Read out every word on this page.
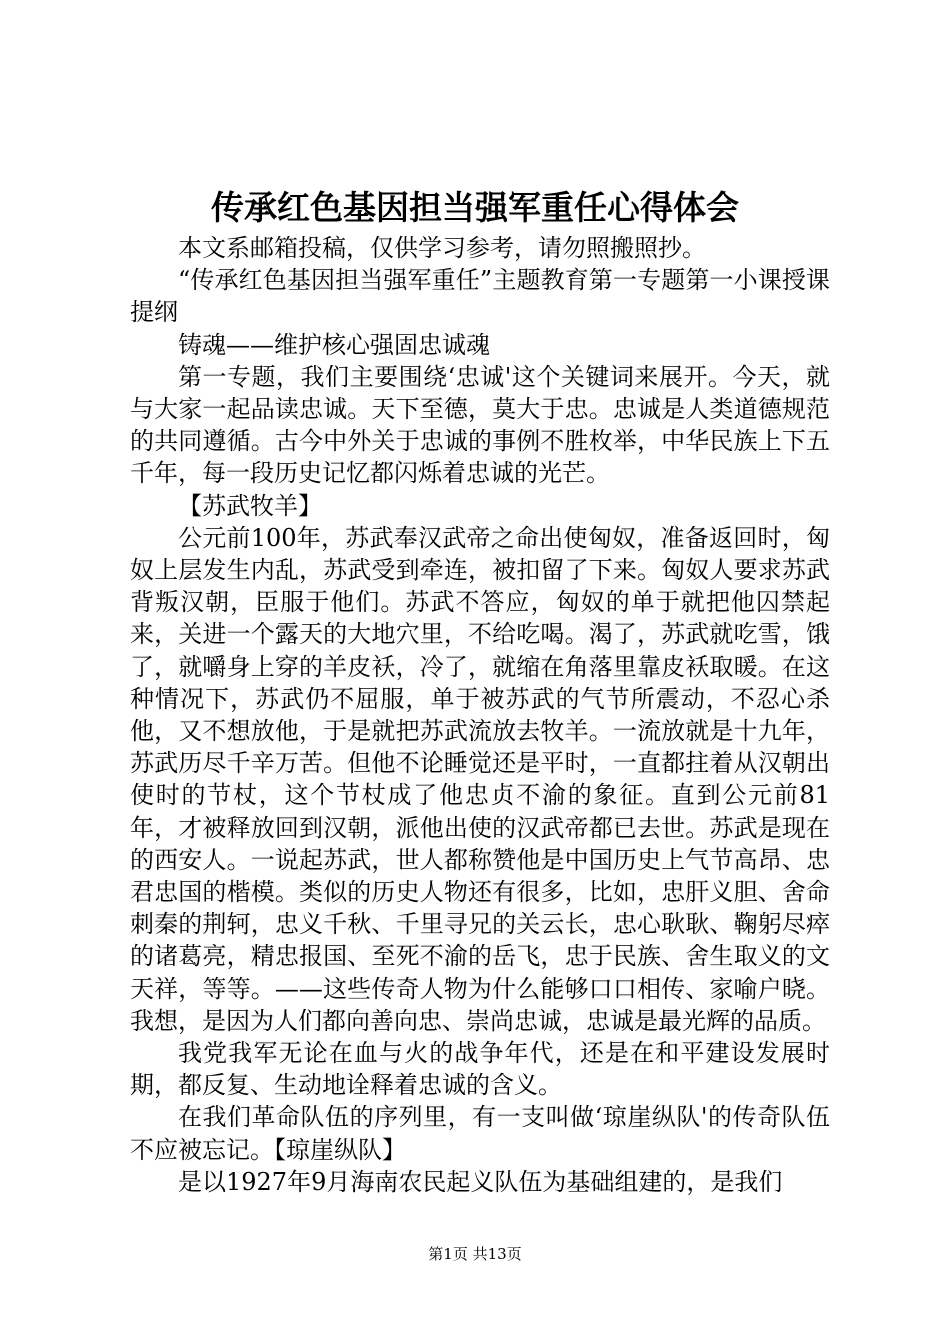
传承红色基因担当强军重任心得体会

本文系邮箱投稿，仅供学习参考，请勿照搬照抄。

“传承红色基因担当强军重任”主题教育第一专题第一小课授课提纲

铸魂——维护核心强固忠诚魂

第一专题，我们主要围绕‘忠诚'这个关键词来展开。今天，就与大家一起品读忠诚。天下至德，莫大于忠。忠诚是人类道德规范的共同遵循。古今中外关于忠诚的事例不胜枚举，中华民族上下五千年，每一段历史记忆都闪烁着忠诚的光芒。

【苏武牧羊】

公元前100年，苏武奉汉武帝之命出使匈奴，准备返回时，匈奴上层发生内乱，苏武受到牵连，被扣留了下来。匈奴人要求苏武背叛汉朝，臣服于他们。苏武不答应，匈奴的单于就把他囚禁起来，关进一个露天的大地穴里，不给吃喝。渴了，苏武就吃雪，饿了，就嚼身上穿的羊皮袄，冷了，就缩在角落里靠皮袄取暖。在这种情况下，苏武仍不屈服，单于被苏武的气节所震动，不忍心杀他，又不想放他，于是就把苏武流放去牧羊。一流放就是十九年，苏武历尽千辛万苦。但他不论睡觉还是平时，一直都拄着从汉朝出使时的节杖，这个节杖成了他忠贞不渝的象征。直到公元前81年，才被释放回到汉朝，派他出使的汉武帝都已去世。苏武是现在的西安人。一说起苏武，世人都称赞他是中国历史上气节高昂、忠君忠国的楷模。类似的历史人物还有很多，比如，忠肝义胆、舍命刺秦的荆轲，忠义千秋、千里寻兄的关云长，忠心耿耿、鞠躬尽瘁的诸葛亮，精忠报国、至死不渝的岳飞，忠于民族、舍生取义的文天祥，等等。——这些传奇人物为什么能够口口相传、家喻户晓。我想，是因为人们都向善向忠、崇尚忠诚，忠诚是最光辉的品质。

我党我军无论在血与火的战争年代，还是在和平建设发展时期，都反复、生动地诠释着忠诚的含义。

在我们革命队伍的序列里，有一支叫做‘琼崖纵队'的传奇队伍不应被忘记。【琼崖纵队】

是以1927年9月海南农民起义队伍为基础组建的，是我们

第1页 共13页
